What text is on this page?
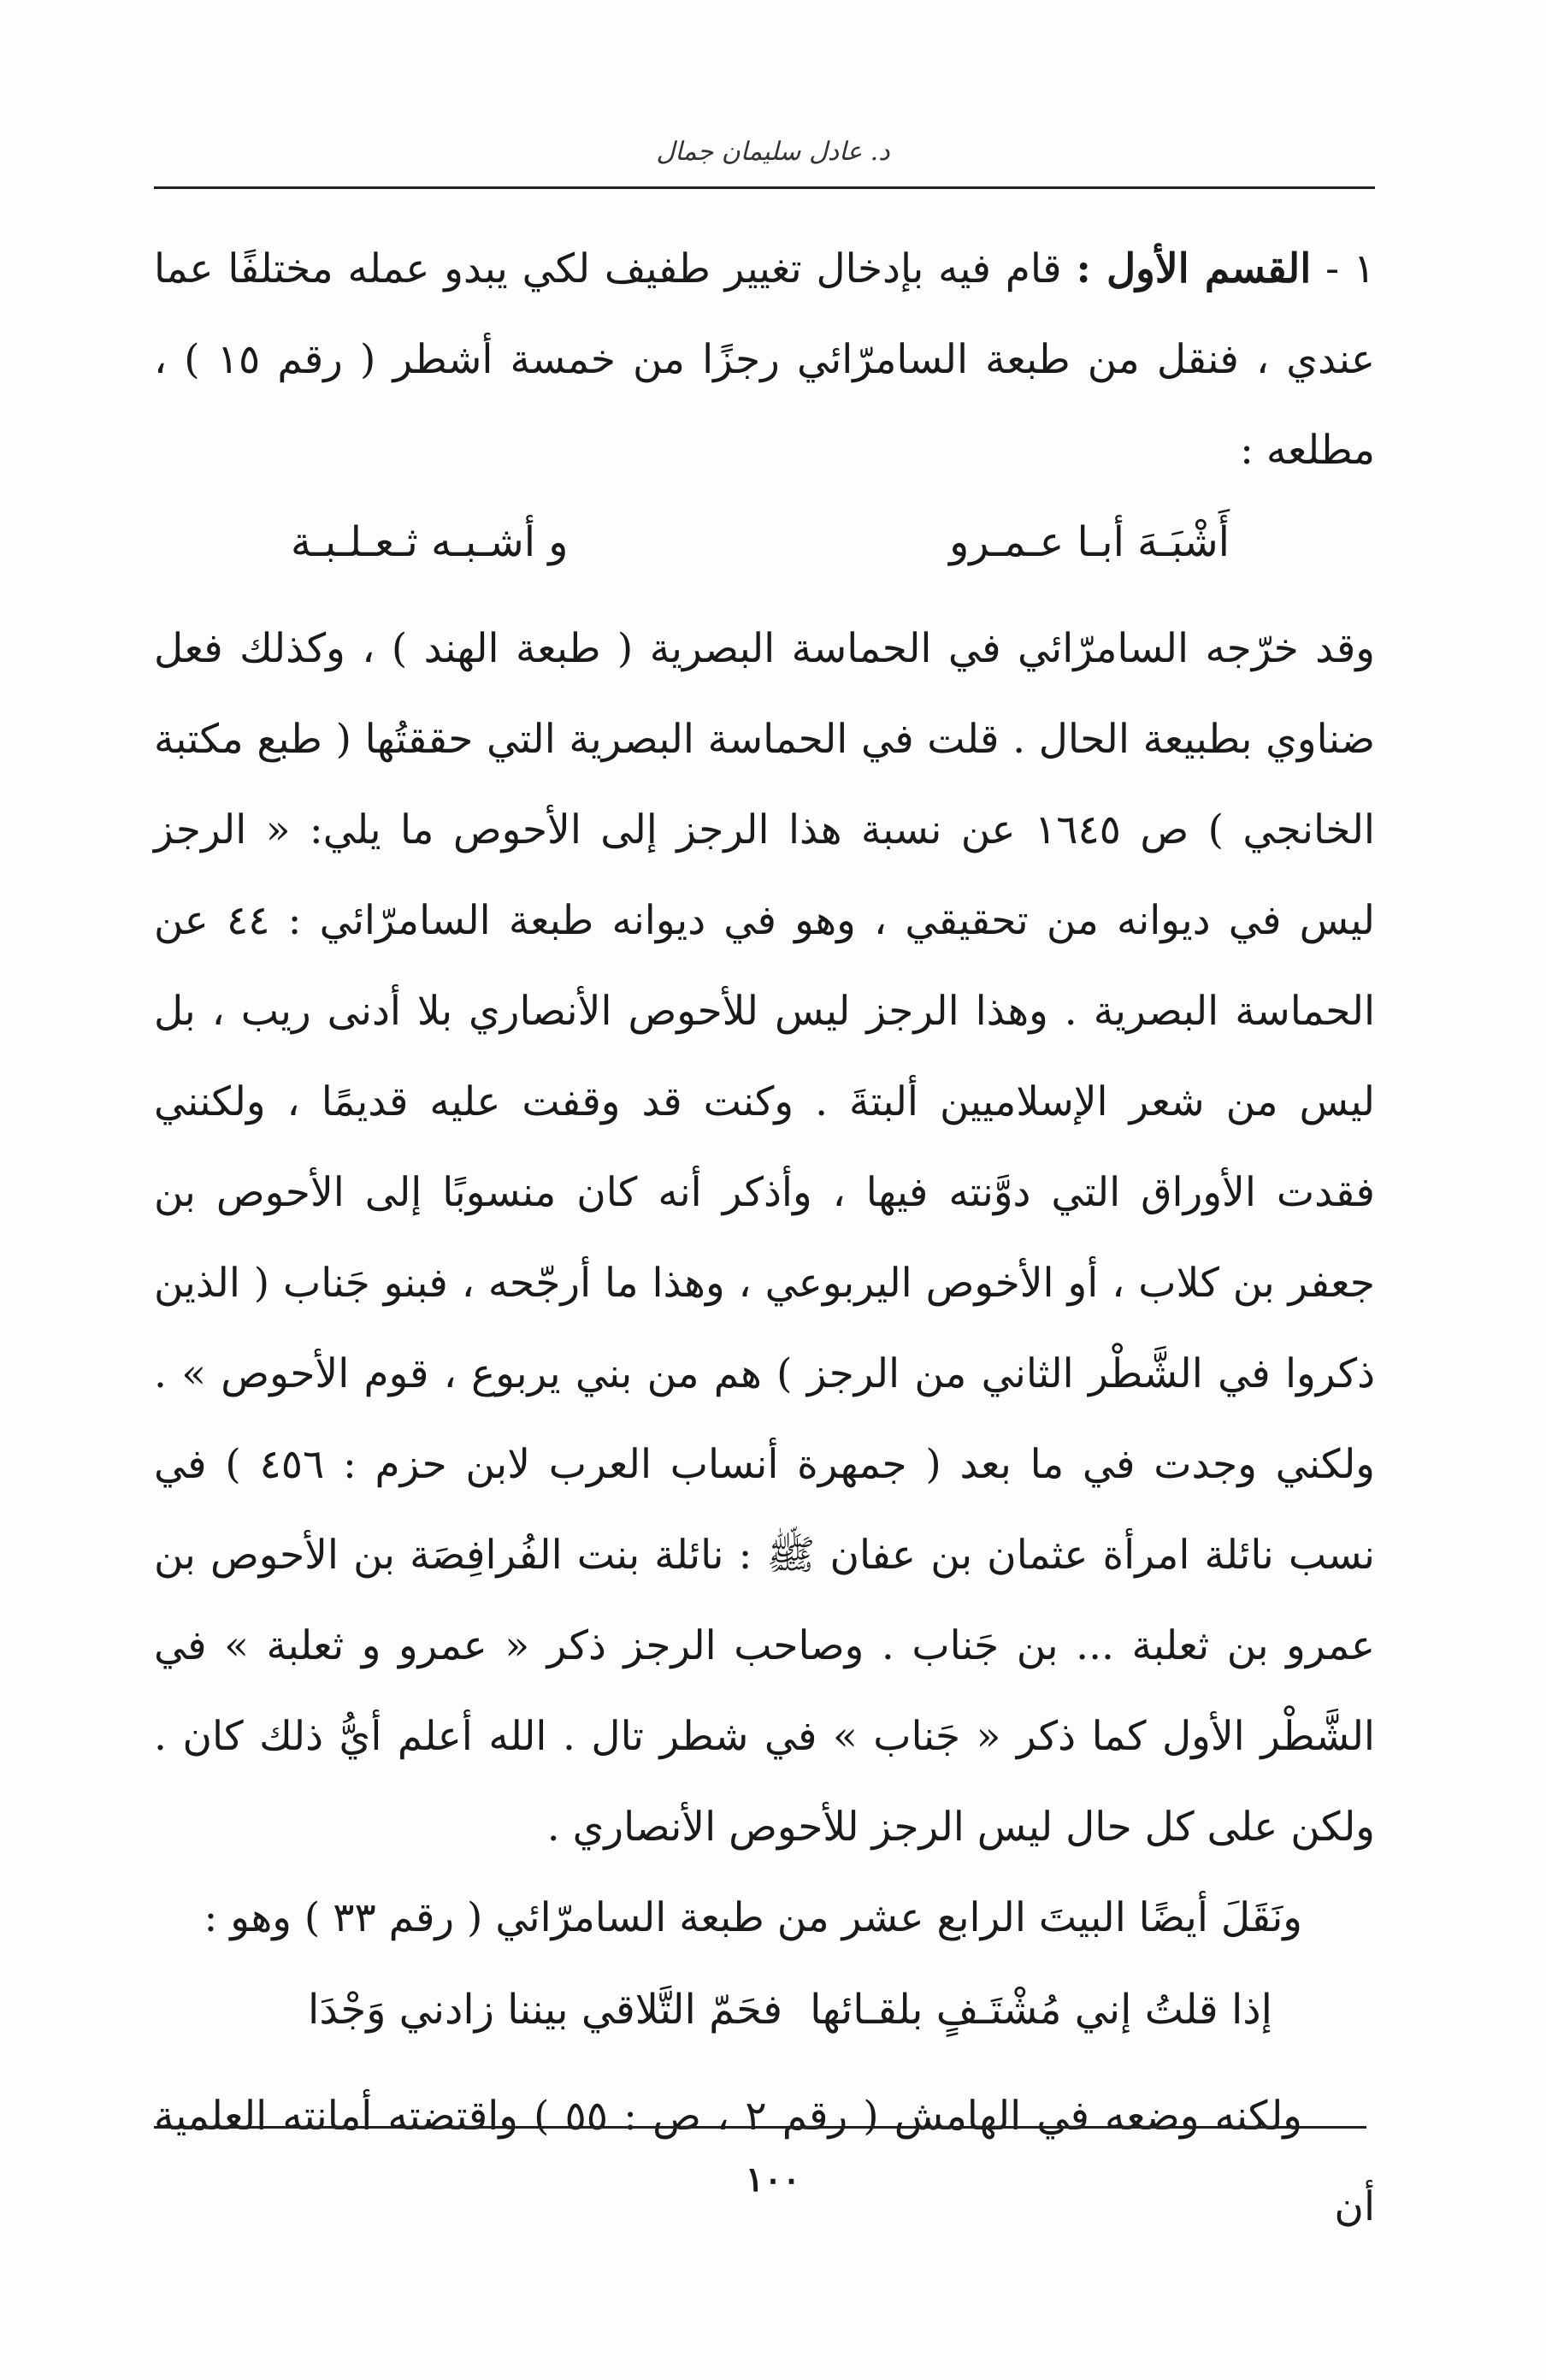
د. عادل سليمان جمال

١ - القسم الأول : قام فيه بإدخال تغيير طفيف لكي يبدو عمله مختلفًا عما عندي ، فنقل من طبعة السامرّائي رجزًا من خمسة أشطر ( رقم ١٥ ) ، مطلعه :

أَشْبَـهَ أبـا عـمـرو
و أشـبـه ثـعـلـبـة

وقد خرّجه السامرّائي في الحماسة البصرية ( طبعة الهند ) ، وكذلك فعل ضناوي بطبيعة الحال . قلت في الحماسة البصرية التي حققتُها ( طبع مكتبة الخانجي ) ص ١٦٤٥ عن نسبة هذا الرجز إلى الأحوص ما يلي: « الرجز ليس في ديوانه من تحقيقي ، وهو في ديوانه طبعة السامرّائي : ٤٤ عن الحماسة البصرية . وهذا الرجز ليس للأحوص الأنصاري بلا أدنى ريب ، بل ليس من شعر الإسلاميين ألبتةَ . وكنت قد وقفت عليه قديمًا ، ولكنني فقدت الأوراق التي دوَّنته فيها ، وأذكر أنه كان منسوبًا إلى الأحوص بن جعفر بن كلاب ، أو الأخوص اليربوعي ، وهذا ما أرجّحه ، فبنو جَناب ( الذين ذكروا في الشَّطْر الثاني من الرجز ) هم من بني يربوع ، قوم الأحوص » . ولكني وجدت في ما بعد ( جمهرة أنساب العرب لابن حزم : ٤٥٦ ) في نسب نائلة امرأة عثمان بن عفان ﷺ : نائلة بنت الفُرافِصَة بن الأحوص بن عمرو بن ثعلبة ... بن جَناب . وصاحب الرجز ذكر « عمرو و ثعلبة » في الشَّطْر الأول كما ذكر « جَناب » في شطر تال . الله أعلم أيُّ ذلك كان . ولكن على كل حال ليس الرجز للأحوص الأنصاري .

ونَقَلَ أيضًا البيتَ الرابع عشر من طبعة السامرّائي ( رقم ٣٣ ) وهو :

إذا قلتُ إني مُشْتَـفٍ بلقـائها
فحَمّ التَّلاقي بيننا زادني وَجْدَا

ولكنه وضعه في الهامش ( رقم ٢ ، ص : ٥٥ ) واقتضته أمانته العلمية أن

١٠٠
